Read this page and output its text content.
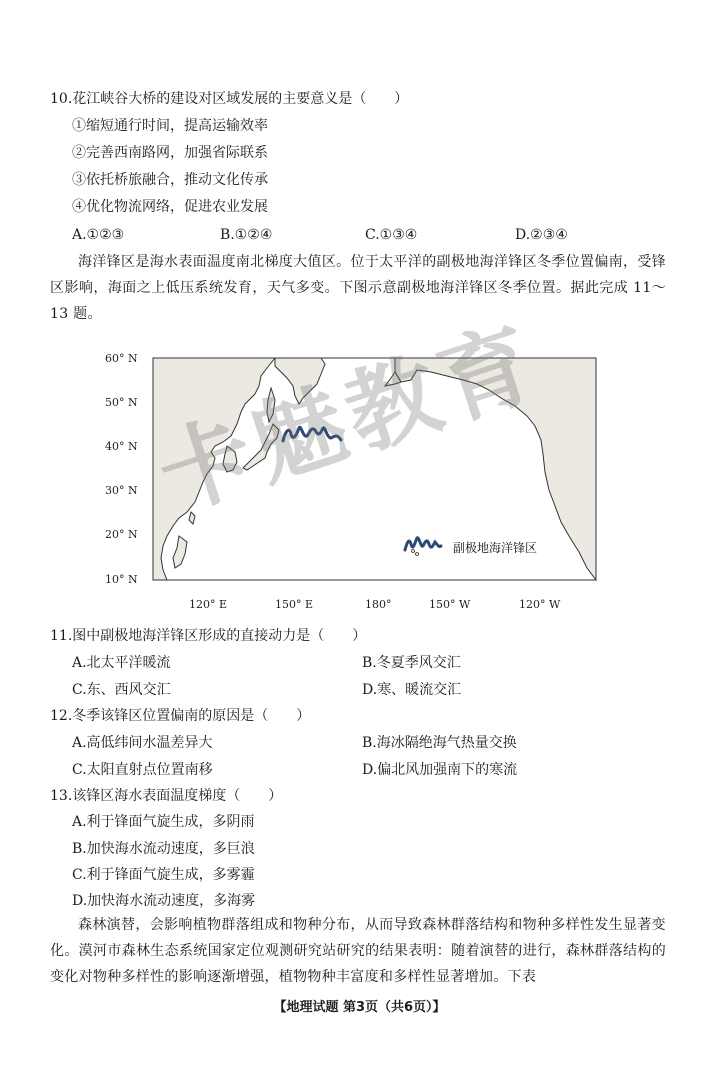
10.花江峡谷大桥的建设对区域发展的主要意义是（　　）
①缩短通行时间，提高运输效率
②完善西南路网，加强省际联系
③依托桥旅融合，推动文化传承
④优化物流网络，促进农业发展
A.①②③	B.①②④	C.①③④	D.②③④
海洋锋区是海水表面温度南北梯度大值区。位于太平洋的副极地海洋锋区冬季位置偏南，受锋区影响，海面之上低压系统发育，天气多变。下图示意副极地海洋锋区冬季位置。据此完成 11～13 题。
副极地海洋锋区
60° N
50° N
40° N
30° N
20° N
10° N
120° E	150° E	180°	150° W	120° W
卡魅教育
11.图中副极地海洋锋区形成的直接动力是（　　）
A.北太平洋暖流	B.冬夏季风交汇
C.东、西风交汇	D.寒、暖流交汇
12.冬季该锋区位置偏南的原因是（　　）
A.高低纬间水温差异大	B.海冰隔绝海气热量交换
C.太阳直射点位置南移	D.偏北风加强南下的寒流
13.该锋区海水表面温度梯度（　　）
A.利于锋面气旋生成，多阴雨
B.加快海水流动速度，多巨浪
C.利于锋面气旋生成，多雾霾
D.加快海水流动速度，多海雾
森林演替，会影响植物群落组成和物种分布，从而导致森林群落结构和物种多样性发生显著变化。漠河市森林生态系统国家定位观测研究站研究的结果表明：随着演替的进行，森林群落结构的变化对物种多样性的影响逐渐增强，植物物种丰富度和多样性显著增加。下表
【地理试题 第3页（共6页）】
